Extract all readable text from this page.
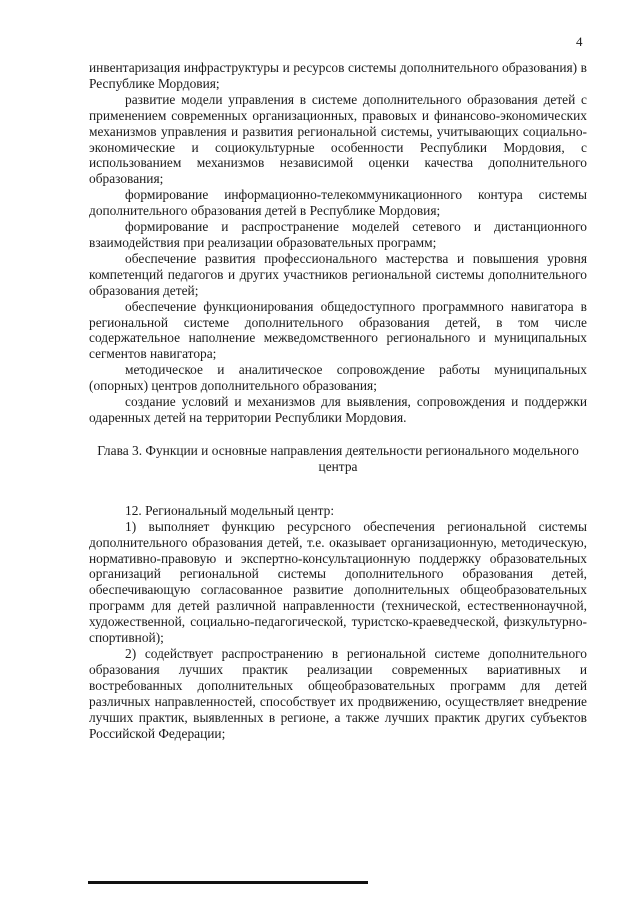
4

инвентаризация инфраструктуры и ресурсов системы дополнительного образования) в Республике Мордовия;

развитие модели управления в системе дополнительного образования детей с применением современных организационных, правовых и финансово-экономических механизмов управления и развития региональной системы, учитывающих социально-экономические и социокультурные особенности Республики Мордовия, с использованием механизмов независимой оценки качества дополнительного образования;

формирование информационно-телекоммуникационного контура системы дополнительного образования детей в Республике Мордовия;

формирование и распространение моделей сетевого и дистанционного взаимодействия при реализации образовательных программ;

обеспечение развития профессионального мастерства и повышения уровня компетенций педагогов и других участников региональной системы дополнительного образования детей;

обеспечение функционирования общедоступного программного навигатора в региональной системе дополнительного образования детей, в том числе содержательное наполнение межведомственного регионального и муниципальных сегментов навигатора;

методическое и аналитическое сопровождение работы муниципальных (опорных) центров дополнительного образования;

создание условий и механизмов для выявления, сопровождения и поддержки одаренных детей на территории Республики Мордовия.

Глава 3. Функции и основные направления деятельности регионального модельного центра

12. Региональный модельный центр:

1) выполняет функцию ресурсного обеспечения региональной системы дополнительного образования детей, т.е. оказывает организационную, методическую, нормативно-правовую и экспертно-консультационную поддержку образовательных организаций региональной системы дополнительного образования детей, обеспечивающую согласованное развитие дополнительных общеобразовательных программ для детей различной направленности (технической, естественнонаучной, художественной, социально-педагогической, туристско-краеведческой, физкультурно-спортивной);

2) содействует распространению в региональной системе дополнительного образования лучших практик реализации современных вариативных и востребованных дополнительных общеобразовательных программ для детей различных направленностей, способствует их продвижению, осуществляет внедрение лучших практик, выявленных в регионе, а также лучших практик других субъектов Российской Федерации;
